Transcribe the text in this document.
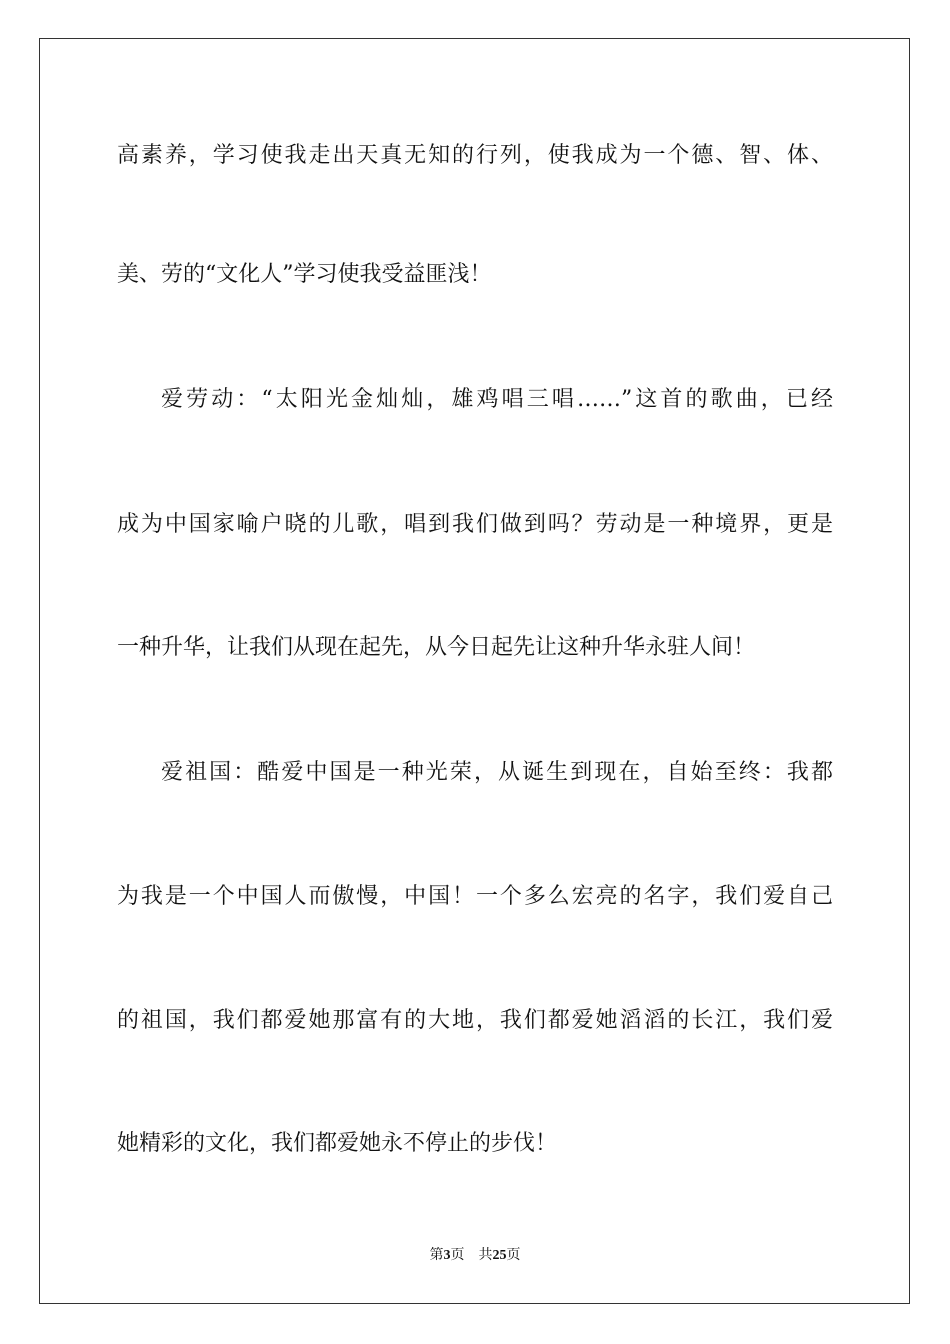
高素养，学习使我走出天真无知的行列，使我成为一个德、智、体、
美、劳的“文化人”学习使我受益匪浅！
爱劳动：“太阳光金灿灿，雄鸡唱三唱……”这首的歌曲，已经
成为中国家喻户晓的儿歌，唱到我们做到吗？劳动是一种境界，更是
一种升华，让我们从现在起先，从今日起先让这种升华永驻人间！
爱祖国：酷爱中国是一种光荣，从诞生到现在，自始至终：我都
为我是一个中国人而傲慢，中国！一个多么宏亮的名字，我们爱自己
的祖国，我们都爱她那富有的大地，我们都爱她滔滔的长江，我们爱
她精彩的文化，我们都爱她永不停止的步伐！
第3页 共25页
